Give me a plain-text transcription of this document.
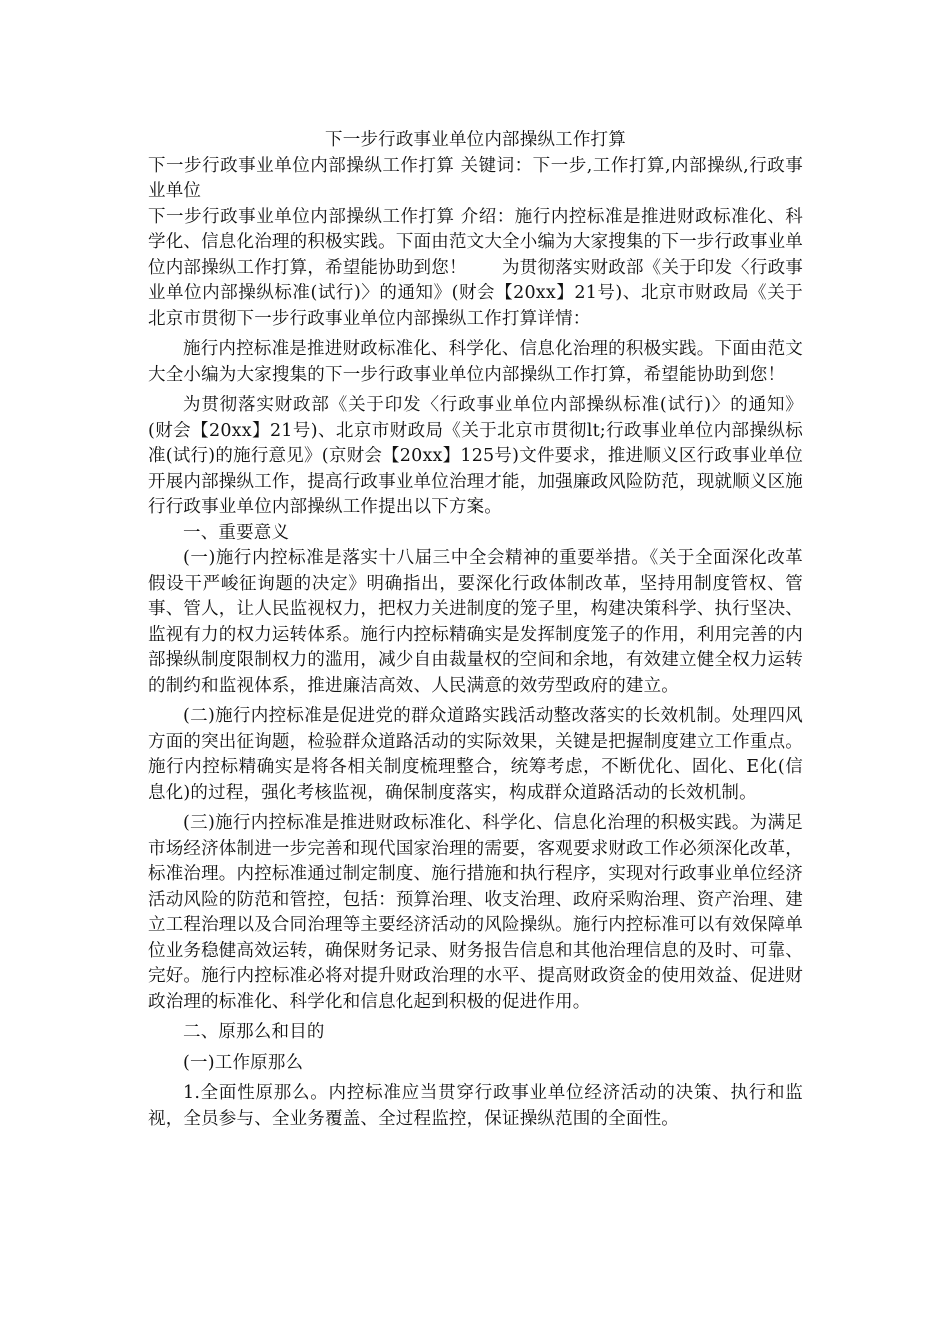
下一步行政事业单位内部操纵工作打算

下一步行政事业单位内部操纵工作打算 关键词：下一步,工作打算,内部操纵,行政事业单位

下一步行政事业单位内部操纵工作打算 介绍：施行内控标准是推进财政标准化、科学化、信息化治理的积极实践。下面由范文大全小编为大家搜集的下一步行政事业单位内部操纵工作打算，希望能协助到您！　　为贯彻落实财政部《关于印发〈行政事业单位内部操纵标准(试行)〉的通知》(财会【20xx】21号)、北京市财政局《关于北京市贯彻下一步行政事业单位内部操纵工作打算详情：

施行内控标准是推进财政标准化、科学化、信息化治理的积极实践。下面由范文大全小编为大家搜集的下一步行政事业单位内部操纵工作打算，希望能协助到您！

为贯彻落实财政部《关于印发〈行政事业单位内部操纵标准(试行)〉的通知》(财会【20xx】21号)、北京市财政局《关于北京市贯彻lt;行政事业单位内部操纵标准(试行)的施行意见》(京财会【20xx】125号)文件要求，推进顺义区行政事业单位开展内部操纵工作，提高行政事业单位治理才能，加强廉政风险防范，现就顺义区施行行政事业单位内部操纵工作提出以下方案。

一、重要意义

(一)施行内控标准是落实十八届三中全会精神的重要举措。《关于全面深化改革假设干严峻征询题的决定》明确指出，要深化行政体制改革，坚持用制度管权、管事、管人，让人民监视权力，把权力关进制度的笼子里，构建决策科学、执行坚决、监视有力的权力运转体系。施行内控标精确实是发挥制度笼子的作用，利用完善的内部操纵制度限制权力的滥用，减少自由裁量权的空间和余地，有效建立健全权力运转的制约和监视体系，推进廉洁高效、人民满意的效劳型政府的建立。

(二)施行内控标准是促进党的群众道路实践活动整改落实的长效机制。处理四风方面的突出征询题，检验群众道路活动的实际效果，关键是把握制度建立工作重点。施行内控标精确实是将各相关制度梳理整合，统筹考虑，不断优化、固化、E化(信息化)的过程，强化考核监视，确保制度落实，构成群众道路活动的长效机制。

(三)施行内控标准是推进财政标准化、科学化、信息化治理的积极实践。为满足市场经济体制进一步完善和现代国家治理的需要，客观要求财政工作必须深化改革，标准治理。内控标准通过制定制度、施行措施和执行程序，实现对行政事业单位经济活动风险的防范和管控，包括：预算治理、收支治理、政府采购治理、资产治理、建立工程治理以及合同治理等主要经济活动的风险操纵。施行内控标准可以有效保障单位业务稳健高效运转，确保财务记录、财务报告信息和其他治理信息的及时、可靠、完好。施行内控标准必将对提升财政治理的水平、提高财政资金的使用效益、促进财政治理的标准化、科学化和信息化起到积极的促进作用。

二、原那么和目的

(一)工作原那么

1.全面性原那么。内控标准应当贯穿行政事业单位经济活动的决策、执行和监视，全员参与、全业务覆盖、全过程监控，保证操纵范围的全面性。
